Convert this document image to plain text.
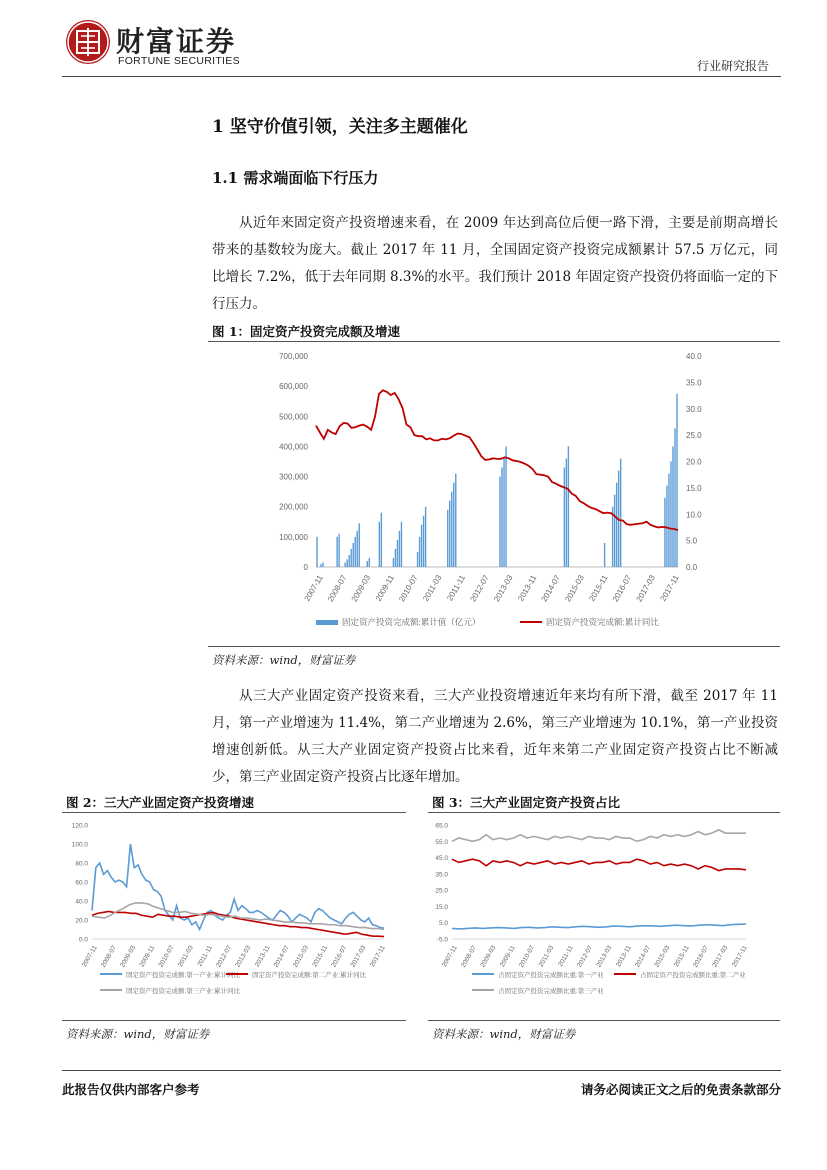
财富证券
FORTUNE SECURITIES	行业研究报告
1 坚守价值引领，关注多主题催化
1.1 需求端面临下行压力
从近年来固定资产投资增速来看，在 2009 年达到高位后便一路下滑，主要是前期高增长带来的基数较为庞大。截止 2017 年 11 月，全国固定资产投资完成额累计 57.5 万亿元，同比增长 7.2%，低于去年同期 8.3%的水平。我们预计 2018 年固定资产投资仍将面临一定的下行压力。
图 1：固定资产投资完成额及增速
0
100,000
200,000
300,000
400,000
500,000
600,000
700,000
0.0
5.0
10.0
15.0
20.0
25.0
30.0
35.0
40.0
2007-11 2008-07 2009-03 2009-11 2010-07 2011-03 2011-11 2012-07 2013-03 2013-11 2014-07 2015-03 2015-11 2016-07 2017-03 2017-11
固定资产投资完成额:累计值（亿元）	固定资产投资完成额:累计同比
资料来源：wind，财富证券
从三大产业固定资产投资来看，三大产业投资增速近年来均有所下滑，截至 2017 年 11 月，第一产业增速为 11.4%，第二产业增速为 2.6%，第三产业增速为 10.1%，第一产业投资增速创新低。从三大产业固定资产投资占比来看，近年来第二产业固定资产投资占比不断减少，第三产业固定资产投资占比逐年增加。
图 2：三大产业固定资产投资增速
0.0
20.0
40.0
60.0
80.0
100.0
120.0
2007-11 2008-07 2009-03 2009-11 2010-07 2011-03 2011-11 2012-07 2013-03 2013-11 2014-07 2015-03 2015-11 2016-07 2017-03 2017-11
固定资产投资完成额:第一产业:累计同比 固定资产投资完成额:第二产业:累计同比
固定资产投资完成额:第三产业:累计同比
资料来源：wind，财富证券
图 3：三大产业固定资产投资占比
-5.0
5.0
15.0
25.0
35.0
45.0
55.0
65.0
2007-11 2008-07 2009-03 2009-11 2010-07 2011-03 2011-11 2012-07 2013-03 2013-11 2014-07 2015-03 2015-11 2016-07 2017-03 2017-11
占固定资产投资完成额比重:第一产业	占固定资产投资完成额比重:第二产业
占固定资产投资完成额比重:第三产业
资料来源：wind，财富证券
此报告仅供内部客户参考	请务必阅读正文之后的免责条款部分
